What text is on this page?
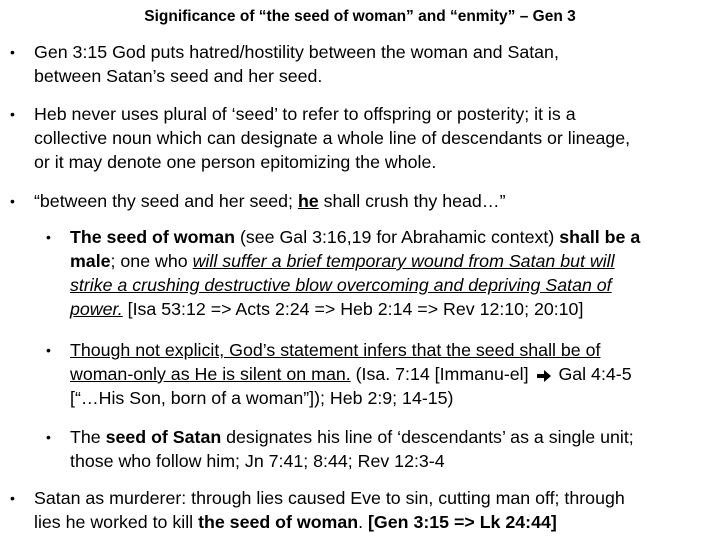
Significance of “the seed of woman” and “enmity” – Gen 3
• Gen 3:15 God puts hatred/hostility between the woman and Satan,
between Satan’s seed and her seed.
• Heb never uses plural of ‘seed’ to refer to offspring or posterity; it is a
collective noun which can designate a whole line of descendants or lineage,
or it may denote one person epitomizing the whole.
• “between thy seed and her seed; he shall crush thy head…”
• The seed of woman (see Gal 3:16,19 for Abrahamic context) shall be a
male; one who will suffer a brief temporary wound from Satan but will
strike a crushing destructive blow overcoming and depriving Satan of
power. [Isa 53:12 => Acts 2:24 => Heb 2:14 => Rev 12:10; 20:10]
• Though not explicit, God’s statement infers that the seed shall be of
woman-only as He is silent on man. (Isa. 7:14 [Immanu-el]  Gal 4:4-5
[“…His Son, born of a woman”]); Heb 2:9; 14-15)
• The seed of Satan designates his line of ‘descendants’ as a single unit;
those who follow him; Jn 7:41; 8:44; Rev 12:3-4
• Satan as murderer: through lies caused Eve to sin, cutting man off; through
lies he worked to kill the seed of woman. [Gen 3:15 => Lk 24:44]
